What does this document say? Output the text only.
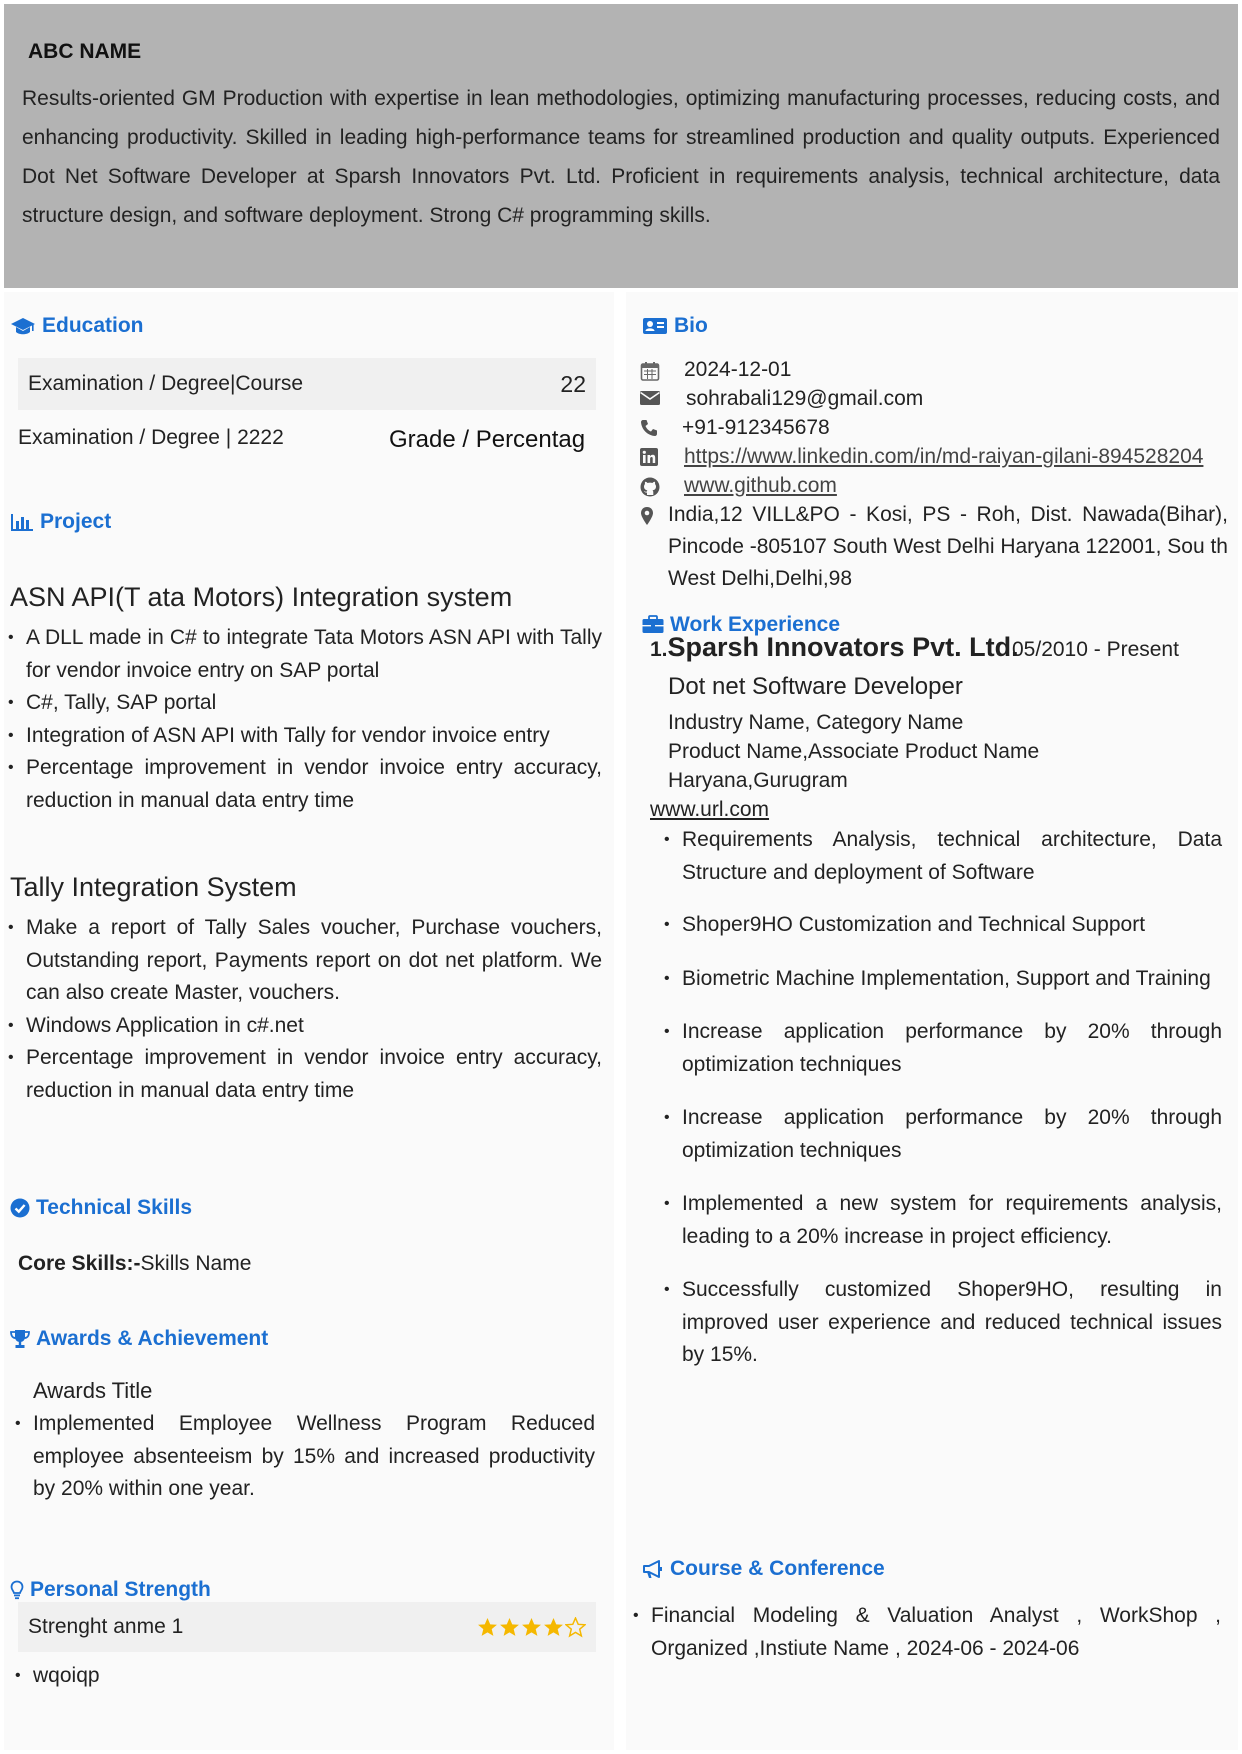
ABC NAME
Results-oriented GM Production with expertise in lean methodologies, optimizing manufacturing processes, reducing costs, and enhancing productivity. Skilled in leading high-performance teams for streamlined production and quality outputs. Experienced Dot Net Software Developer at Sparsh Innovators Pvt. Ltd. Proficient in requirements analysis, technical architecture, data structure design, and software deployment. Strong C# programming skills.
Education
Examination / Degree|Course	22
Examination / Degree | 2222	Grade / Percentag
Project
ASN API(T ata Motors) Integration system
• A DLL made in C# to integrate Tata Motors ASN API with Tally for vendor invoice entry on SAP portal
• C#, Tally, SAP portal
• Integration of ASN API with Tally for vendor invoice entry
• Percentage improvement in vendor invoice entry accuracy, reduction in manual data entry time
Tally Integration System
• Make a report of Tally Sales voucher, Purchase vouchers, Outstanding report, Payments report on dot net platform. We can also create Master, vouchers.
• Windows Application in c#.net
• Percentage improvement in vendor invoice entry accuracy, reduction in manual data entry time
Technical Skills
Core Skills:-Skills Name
Awards & Achievement
Awards Title
• Implemented Employee Wellness Program Reduced employee absenteeism by 15% and increased productivity by 20% within one year.
Personal Strength
Strenght anme 1
• wqoiqp
Bio
2024-12-01
sohrabali129@gmail.com
+91-912345678
https://www.linkedin.com/in/md-raiyan-gilani-894528204
www.github.com
India,12 VILL&PO - Kosi, PS - Roh, Dist. Nawada(Bihar), Pincode -805107 South West Delhi Haryana 122001, Sou th West Delhi,Delhi,98
Work Experience
1. Sparsh Innovators Pvt. Ltd.
05/2010 - Present
Dot net Software Developer
Industry Name, Category Name
Product Name,Associate Product Name
Haryana,Gurugram
www.url.com
• Requirements Analysis, technical architecture, Data Structure and deployment of Software
• Shoper9HO Customization and Technical Support
• Biometric Machine Implementation, Support and Training
• Increase application performance by 20% through optimization techniques
• Increase application performance by 20% through optimization techniques
• Implemented a new system for requirements analysis, leading to a 20% increase in project efficiency.
• Successfully customized Shoper9HO, resulting in improved user experience and reduced technical issues by 15%.
Course & Conference
• Financial Modeling & Valuation Analyst , WorkShop , Organized ,Instiute Name , 2024-06 - 2024-06
